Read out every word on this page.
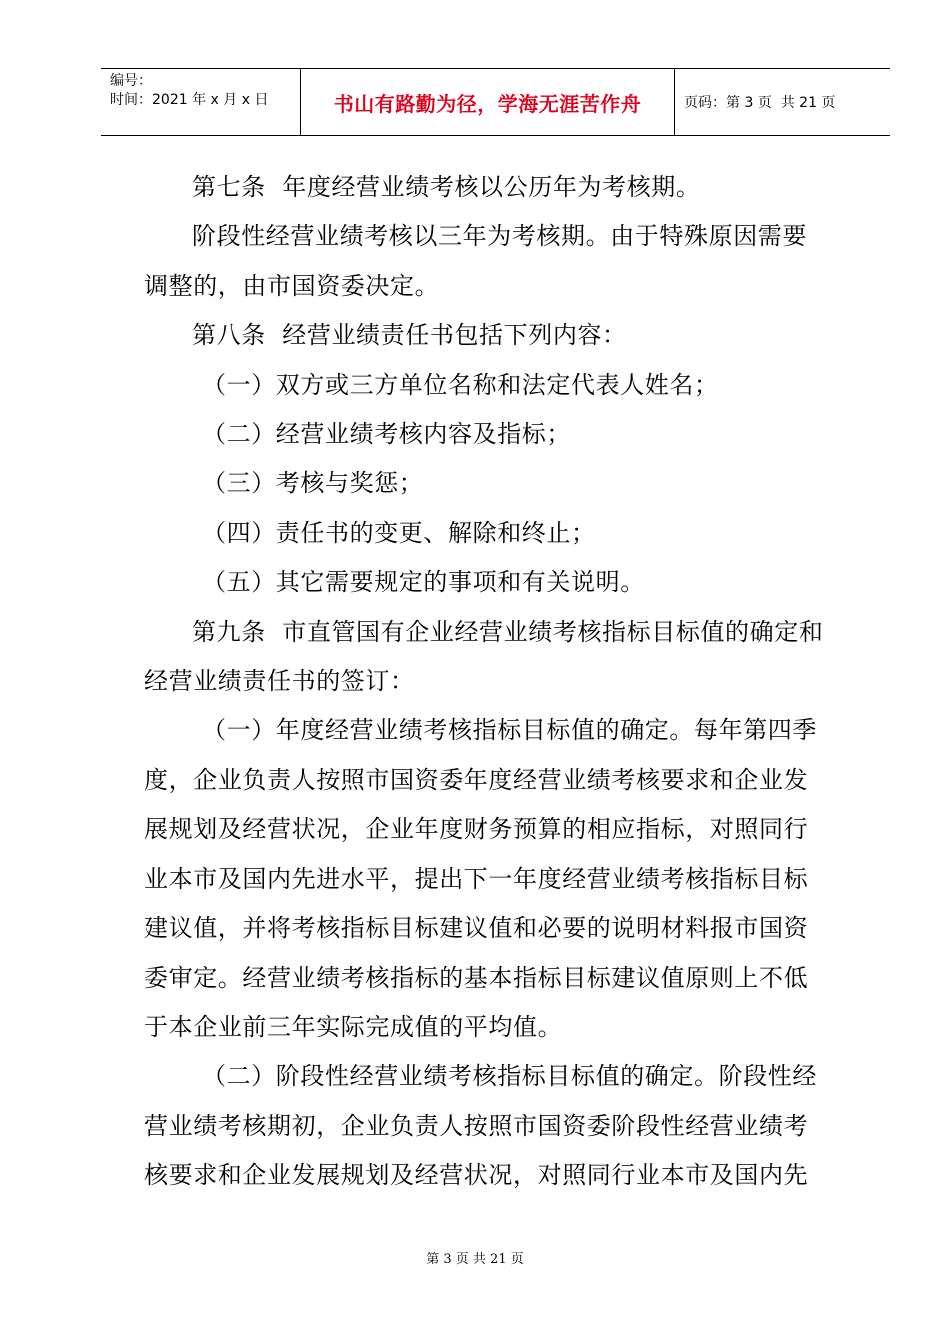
编号：
时间：2021 年 x 月 x 日	书山有路勤为径，学海无涯苦作舟	页码：第 3 页  共 21 页

第七条  年度经营业绩考核以公历年为考核期。

阶段性经营业绩考核以三年为考核期。由于特殊原因需要

调整的，由市国资委决定。

第八条  经营业绩责任书包括下列内容：

（一）双方或三方单位名称和法定代表人姓名；

（二）经营业绩考核内容及指标；

（三）考核与奖惩；

（四）责任书的变更、解除和终止；

（五）其它需要规定的事项和有关说明。

第九条  市直管国有企业经营业绩考核指标目标值的确定和

经营业绩责任书的签订：

（一）年度经营业绩考核指标目标值的确定。每年第四季

度，企业负责人按照市国资委年度经营业绩考核要求和企业发

展规划及经营状况，企业年度财务预算的相应指标，对照同行

业本市及国内先进水平，提出下一年度经营业绩考核指标目标

建议值，并将考核指标目标建议值和必要的说明材料报市国资

委审定。经营业绩考核指标的基本指标目标建议值原则上不低

于本企业前三年实际完成值的平均值。

（二）阶段性经营业绩考核指标目标值的确定。阶段性经

营业绩考核期初，企业负责人按照市国资委阶段性经营业绩考

核要求和企业发展规划及经营状况，对照同行业本市及国内先

第 3 页 共 21 页
